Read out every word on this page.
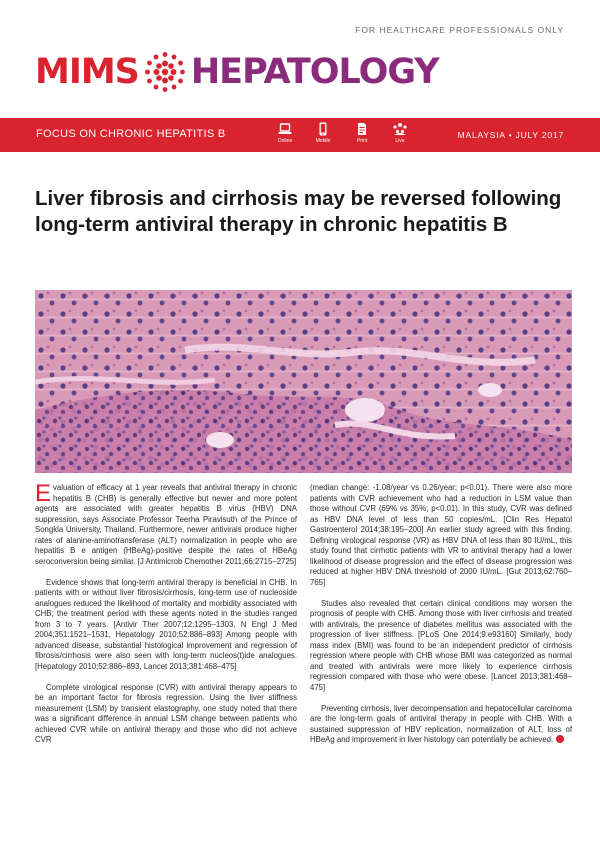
FOR HEALTHCARE PROFESSIONALS ONLY
MIMS HEPATOLOGY
FOCUS ON CHRONIC HEPATITIS B
Online	Mobile	Print	Live
MALAYSIA • JULY 2017
Liver fibrosis and cirrhosis may be reversed following long-term antiviral therapy in chronic hepatitis B

Evaluation of efficacy at 1 year reveals that antiviral therapy in chronic hepatitis B (CHB) is generally effective but newer and more potent agents are associated with greater hepatitis B virus (HBV) DNA suppression, says Associate Professor Teerha Piravisuth of the Prince of Songkla University, Thailand. Furthermore, newer antivirals produce higher rates of alanine-aminotransferase (ALT) normalization in people who are hepatitis B e antigen (HBeAg)-positive despite the rates of HBeAg seroconversion being similar. [J Antimicrob Chemother 2011;66:2715–2725]

Evidence shows that long-term antiviral therapy is beneficial in CHB. In patients with or without liver fibrosis/cirrhosis, long-term use of nucleoside analogues reduced the likelihood of mortality and morbidity associated with CHB; the treatment period with these agents noted in the studies ranged from 3 to 7 years. [Antivir Ther 2007;12:1295–1303, N Engl J Med 2004;351:1521–1531, Hepatology 2010;52:886–893] Among people with advanced disease, substantial histological improvement and regression of fibrosis/cirrhosis were also seen with long-term nucleos(t)ide analogues. [Hepatology 2010;52:886–893, Lancet 2013;381:468–475]

Complete virological response (CVR) with antiviral therapy appears to be an important factor for fibrosis regression. Using the liver stiffness measurement (LSM) by transient elastography, one study noted that there was a significant difference in annual LSM change between patients who achieved CVR while on antiviral therapy and those who did not achieve CVR

(median change: -1.08/year vs 0.26/year; p<0.01). There were also more patients with CVR achievement who had a reduction in LSM value than those without CVR (69% vs 35%; p<0.01). In this study, CVR was defined as HBV DNA level of less than 50 copies/mL. [Clin Res Hepatol Gastroenterol 2014;38:195–200] An earlier study agreed with this finding. Defining virological response (VR) as HBV DNA of less than 80 IU/mL, this study found that cirrhotic patients with VR to antiviral therapy had a lower likelihood of disease progression and the effect of disease progression was reduced at higher HBV DNA threshold of 2000 IU/mL. [Gut 2013;62:760–765]

Studies also revealed that certain clinical conditions may worsen the prognosis of people with CHB. Among those with liver cirrhosis and treated with antivirals, the presence of diabetes mellitus was associated with the progression of liver stiffness. [PLoS One 2014;9:e93160] Similarly, body mass index (BMI) was found to be an independent predictor of cirrhosis regression where people with CHB whose BMI was categorized as normal and treated with antivirals were more likely to experience cirrhosis regression compared with those who were obese. [Lancet 2013;381:468–475]

Preventing cirrhosis, liver decompensation and hepatocellular carcinoma are the long-term goals of antiviral therapy in people with CHB. With a sustained suppression of HBV replication, normalization of ALT, loss of HBeAg and improvement in liver histology can potentially be achieved.
